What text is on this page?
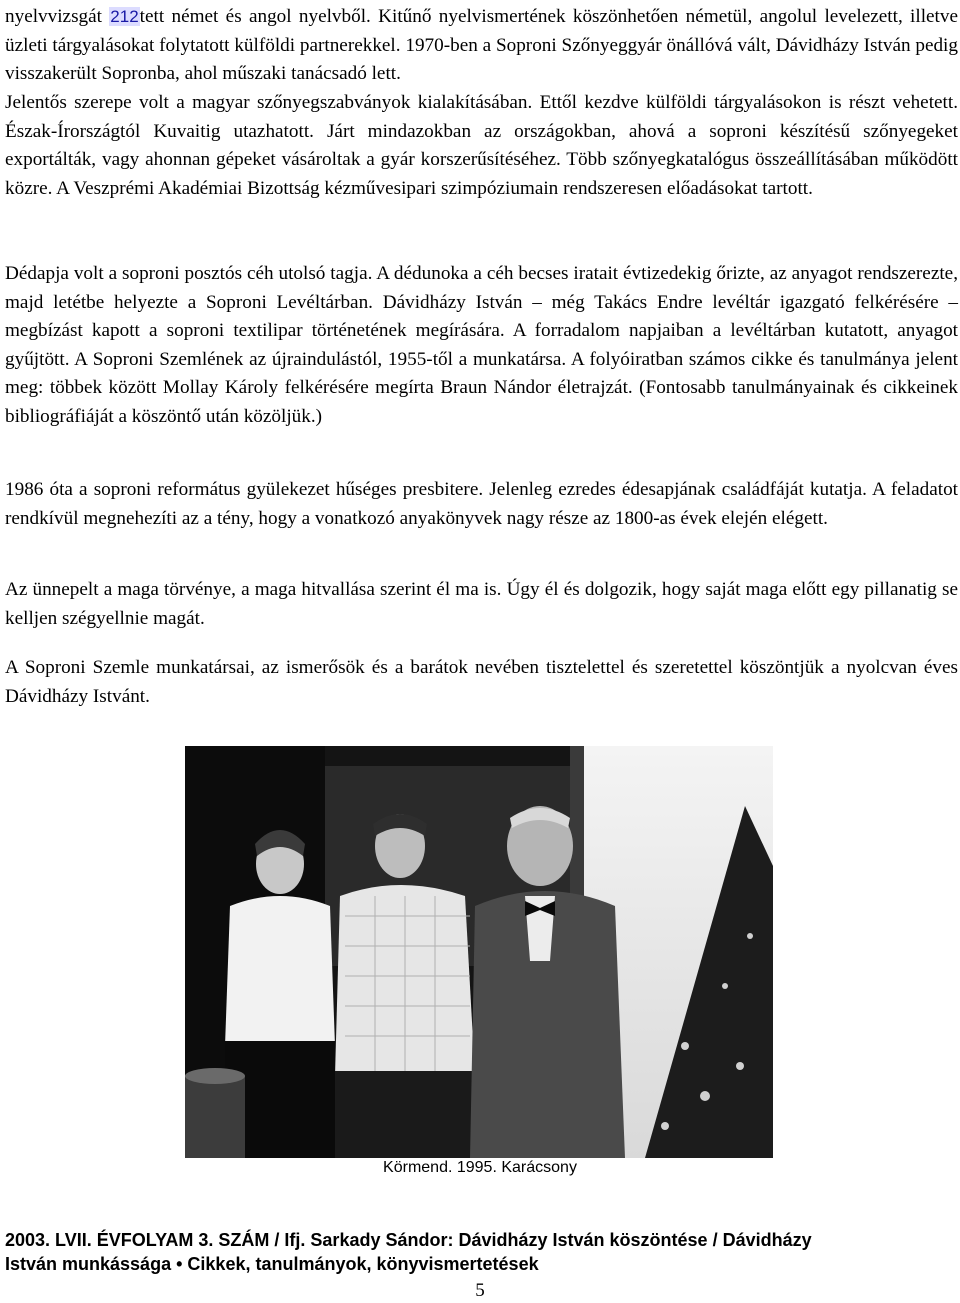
nyelvvizsgát 212tett német és angol nyelvből. Kitűnő nyelvismertének köszönhetően németül, angolul levelezett, illetve üzleti tárgyalásokat folytatott külföldi partnerekkel. 1970-ben a Soproni Szőnyeggyár önállóvá vált, Dávidházy István pedig visszakerült Sopronba, ahol műszaki tanácsadó lett.

Jelentős szerepe volt a magyar szőnyegszabványok kialakításában. Ettől kezdve külföldi tárgyalásokon is részt vehetett. Észak-Írországtól Kuvaitig utazhatott. Járt mindazokban az országokban, ahová a soproni készítésű szőnyegeket exportálták, vagy ahonnan gépeket vásároltak a gyár korszerűsítéséhez. Több szőnyegkatalógus összeállításában működött közre. A Veszprémi Akadémiai Bizottság kézművesipari szimpóziumain rendszeresen előadásokat tartott.

Dédapja volt a soproni posztós céh utolsó tagja. A dédunoka a céh becses iratait évtizedekig őrizte, az anyagot rendszerezte, majd letétbe helyezte a Soproni Levéltárban. Dávidházy István – még Takács Endre levéltár igazgató felkérésére – megbízást kapott a soproni textilipar történetének megírására. A forradalom napjaiban a levéltárban kutatott, anyagot gyűjtött. A Soproni Szemlének az újraindulástól, 1955-től a munkatársa. A folyóiratban számos cikke és tanulmánya jelent meg: többek között Mollay Károly felkérésére megírta Braun Nándor életrajzát. (Fontosabb tanulmányainak és cikkeinek bibliográfiáját a köszöntő után közöljük.)

1986 óta a soproni református gyülekezet hűséges presbitere. Jelenleg ezredes édesapjának családfáját kutatja. A feladatot rendkívül megnehezíti az a tény, hogy a vonatkozó anyakönyvek nagy része az 1800-as évek elején elégett.

Az ünnepelt a maga törvénye, a maga hitvallása szerint él ma is. Úgy él és dolgozik, hogy saját maga előtt egy pillanatig se kelljen szégyellnie magát.

A Soproni Szemle munkatársai, az ismerősök és a barátok nevében tisztelettel és szeretettel köszöntjük a nyolcvan éves Dávidházy Istvánt.

Körmend. 1995. Karácsony
2003. LVII. ÉVFOLYAM 3. SZÁM / Ifj. Sarkady Sándor: Dávidházy István köszöntése / Dávidházy
István munkássága • Cikkek, tanulmányok, könyvismertetések
5
